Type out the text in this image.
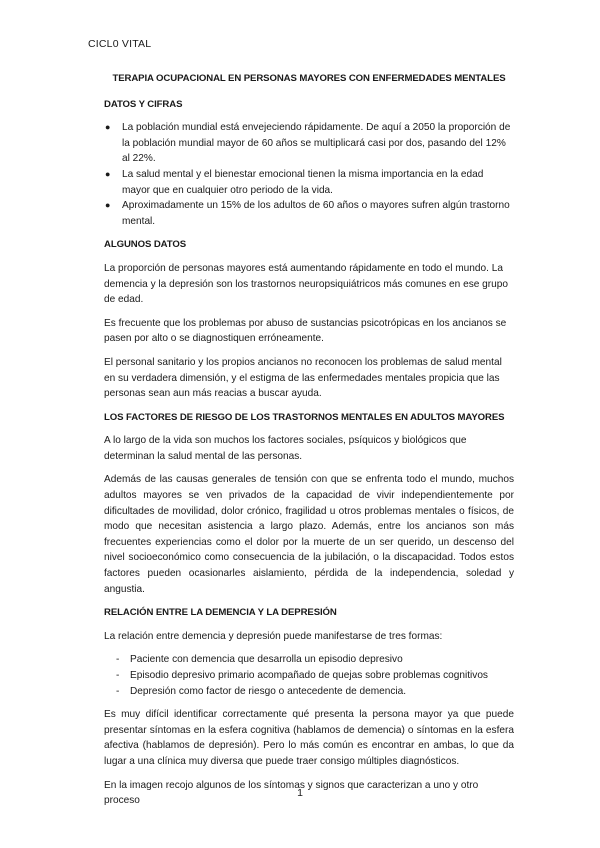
CICL0 VITAL
TERAPIA OCUPACIONAL EN PERSONAS MAYORES CON ENFERMEDADES MENTALES
DATOS Y CIFRAS
● La población mundial está envejeciendo rápidamente. De aquí a 2050 la proporción de la población mundial mayor de 60 años se multiplicará casi por dos, pasando del 12% al 22%.
● La salud mental y el bienestar emocional tienen la misma importancia en la edad mayor que en cualquier otro periodo de la vida.
● Aproximadamente un 15% de los adultos de 60 años o mayores sufren algún trastorno mental.
ALGUNOS DATOS

La proporción de personas mayores está aumentando rápidamente en todo el mundo. La demencia y la depresión son los trastornos neuropsiquiátricos más comunes en ese grupo de edad.

Es frecuente que los problemas por abuso de sustancias psicotrópicas en los ancianos se pasen por alto o se diagnostiquen erróneamente.

El personal sanitario y los propios ancianos no reconocen los problemas de salud mental en su verdadera dimensión, y el estigma de las enfermedades mentales propicia que las personas sean aun más reacias a buscar ayuda.

LOS FACTORES DE RIESGO DE LOS TRASTORNOS MENTALES EN ADULTOS MAYORES

A lo largo de la vida son muchos los factores sociales, psíquicos y biológicos que determinan la salud mental de las personas.

Además de las causas generales de tensión con que se enfrenta todo el mundo, muchos adultos mayores se ven privados de la capacidad de vivir independientemente por dificultades de movilidad, dolor crónico, fragilidad u otros problemas mentales o físicos, de modo que necesitan asistencia a largo plazo. Además, entre los ancianos son más frecuentes experiencias como el dolor por la muerte de un ser querido, un descenso del nivel socioeconómico como consecuencia de la jubilación, o la discapacidad. Todos estos factores pueden ocasionarles aislamiento, pérdida de la independencia, soledad y angustia.

RELACIÓN ENTRE LA DEMENCIA Y LA DEPRESIÓN

La relación entre demencia y depresión puede manifestarse de tres formas:

- Paciente con demencia que desarrolla un episodio depresivo
- Episodio depresivo primario acompañado de quejas sobre problemas cognitivos
- Depresión como factor de riesgo o antecedente de demencia.

Es muy difícil identificar correctamente qué presenta la persona mayor ya que puede presentar síntomas en la esfera cognitiva (hablamos de demencia) o síntomas en la esfera afectiva (hablamos de depresión). Pero lo más común es encontrar en ambas, lo que da lugar a una clínica muy diversa que puede traer consigo múltiples diagnósticos.

En la imagen recojo algunos de los síntomas y signos que caracterizan a uno y otro proceso

1
